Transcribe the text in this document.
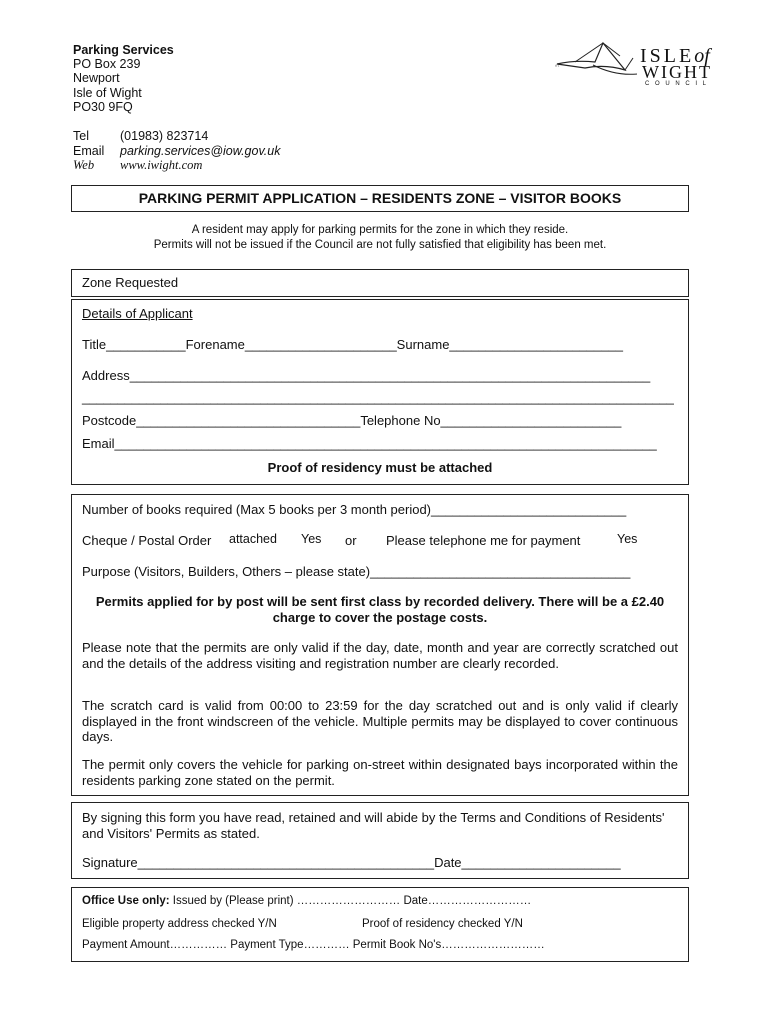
Parking Services
PO Box 239
Newport
Isle of Wight
PO30 9FQ
Tel	(01983) 823714
Email	parking.services@iow.gov.uk
Web	www.iwight.com
ᵃᶜ	ISLEof
WIGHT
C O U N C I L
PARKING PERMIT APPLICATION – RESIDENTS ZONE – VISITOR BOOKS
A resident may apply for parking permits for the zone in which they reside.
Permits will not be issued if the Council are not fully satisfied that eligibility has been met.
Zone Requested
Details of Applicant
Title___________Forename_____________________Surname________________________
Address________________________________________________________________________
___________________________________________________________________________________
Postcode_______________________________Telephone No_________________________
Email___________________________________________________________________________
Proof of residency must be attached
Number of books required (Max 5 books per 3 month period)___________________________
Cheque / Postal Order attached Yes or Please telephone me for payment	Yes
Purpose (Visitors, Builders, Others – please state)____________________________________
Permits applied for by post will be sent first class by recorded delivery. There will be a £2.40 charge to cover the postage costs.
Please note that the permits are only valid if the day, date, month and year are correctly scratched out and the details of the address visiting and registration number are clearly recorded.
The scratch card is valid from 00:00 to 23:59 for the day scratched out and is only valid if clearly displayed in the front windscreen of the vehicle. Multiple permits may be displayed to cover continuous days.
The permit only covers the vehicle for parking on-street within designated bays incorporated within the residents parking zone stated on the permit.
By signing this form you have read, retained and will abide by the Terms and Conditions of Residents' and Visitors' Permits as stated.
Signature_________________________________________Date______________________
Office Use only: Issued by (Please print) ……………………… Date………………………
Eligible property address checked Y/N	Proof of residency checked Y/N
Payment Amount…………… Payment Type………… Permit Book No's………………………
